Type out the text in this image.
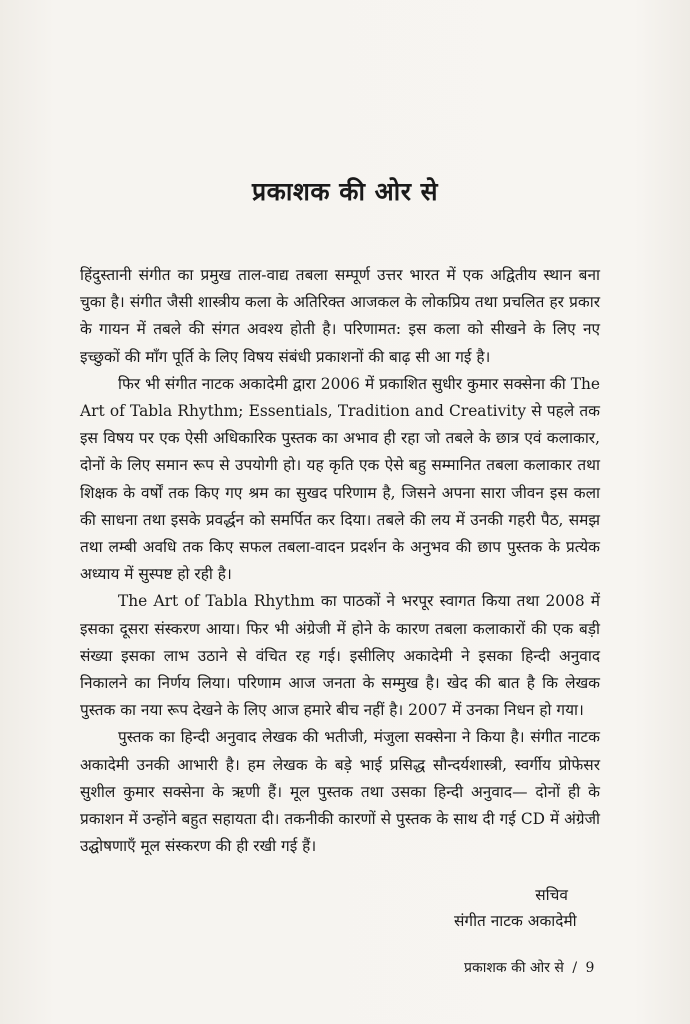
प्रकाशक की ओर से

हिंदुस्तानी संगीत का प्रमुख ताल-वाद्य तबला सम्पूर्ण उत्तर भारत में एक अद्वितीय स्थान बना चुका है। संगीत जैसी शास्त्रीय कला के अतिरिक्त आजकल के लोकप्रिय तथा प्रचलित हर प्रकार के गायन में तबले की संगत अवश्य होती है। परिणामत: इस कला को सीखने के लिए नए इच्छुकों की माँग पूर्ति के लिए विषय संबंधी प्रकाशनों की बाढ़ सी आ गई है।

फिर भी संगीत नाटक अकादेमी द्वारा 2006 में प्रकाशित सुधीर कुमार सक्सेना की The Art of Tabla Rhythm; Essentials, Tradition and Creativity से पहले तक इस विषय पर एक ऐसी अधिकारिक पुस्तक का अभाव ही रहा जो तबले के छात्र एवं कलाकार, दोनों के लिए समान रूप से उपयोगी हो। यह कृति एक ऐसे बहु सम्मानित तबला कलाकार तथा शिक्षक के वर्षों तक किए गए श्रम का सुखद परिणाम है, जिसने अपना सारा जीवन इस कला की साधना तथा इसके प्रवर्द्धन को समर्पित कर दिया। तबले की लय में उनकी गहरी पैठ, समझ तथा लम्बी अवधि तक किए सफल तबला-वादन प्रदर्शन के अनुभव की छाप पुस्तक के प्रत्येक अध्याय में सुस्पष्ट हो रही है।

The Art of Tabla Rhythm का पाठकों ने भरपूर स्वागत किया तथा 2008 में इसका दूसरा संस्करण आया। फिर भी अंग्रेजी में होने के कारण तबला कलाकारों की एक बड़ी संख्या इसका लाभ उठाने से वंचित रह गई। इसीलिए अकादेमी ने इसका हिन्दी अनुवाद निकालने का निर्णय लिया। परिणाम आज जनता के सम्मुख है। खेद की बात है कि लेखक पुस्तक का नया रूप देखने के लिए आज हमारे बीच नहीं है। 2007 में उनका निधन हो गया।

पुस्तक का हिन्दी अनुवाद लेखक की भतीजी, मंजुला सक्सेना ने किया है। संगीत नाटक अकादेमी उनकी आभारी है। हम लेखक के बड़े भाई प्रसिद्ध सौन्दर्यशास्त्री, स्वर्गीय प्रोफेसर सुशील कुमार सक्सेना के ऋणी हैं। मूल पुस्तक तथा उसका हिन्दी अनुवाद— दोनों ही के प्रकाशन में उन्होंने बहुत सहायता दी। तकनीकी कारणों से पुस्तक के साथ दी गई CD में अंग्रेजी उद्घोषणाएँ मूल संस्करण की ही रखी गई हैं।

सचिव
संगीत नाटक अकादेमी
प्रकाशक की ओर से / 9
